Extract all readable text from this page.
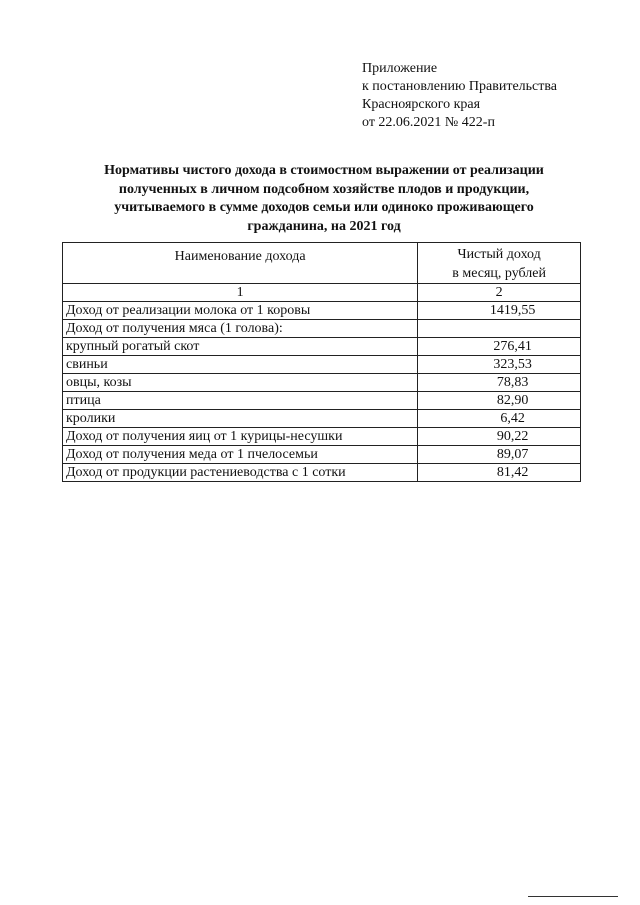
Приложение
к постановлению Правительства
Красноярского края
от 22.06.2021 № 422-п
Нормативы чистого дохода в стоимостном выражении от реализации
полученных в личном подсобном хозяйстве плодов и продукции,
учитываемого в сумме доходов семьи или одиноко проживающего
гражданина, на 2021 год
Наименование дохода	Чистый доход
в месяц, рублей
1	2
Доход от реализации молока от 1 коровы	1419,55
Доход от получения мяса (1 голова):	
крупный рогатый скот	276,41
свиньи	323,53
овцы, козы	78,83
птица	82,90
кролики	6,42
Доход от получения яиц от 1 курицы-несушки	90,22
Доход от получения меда от 1 пчелосемьи	89,07
Доход от продукции растениеводства с 1 сотки	81,42
